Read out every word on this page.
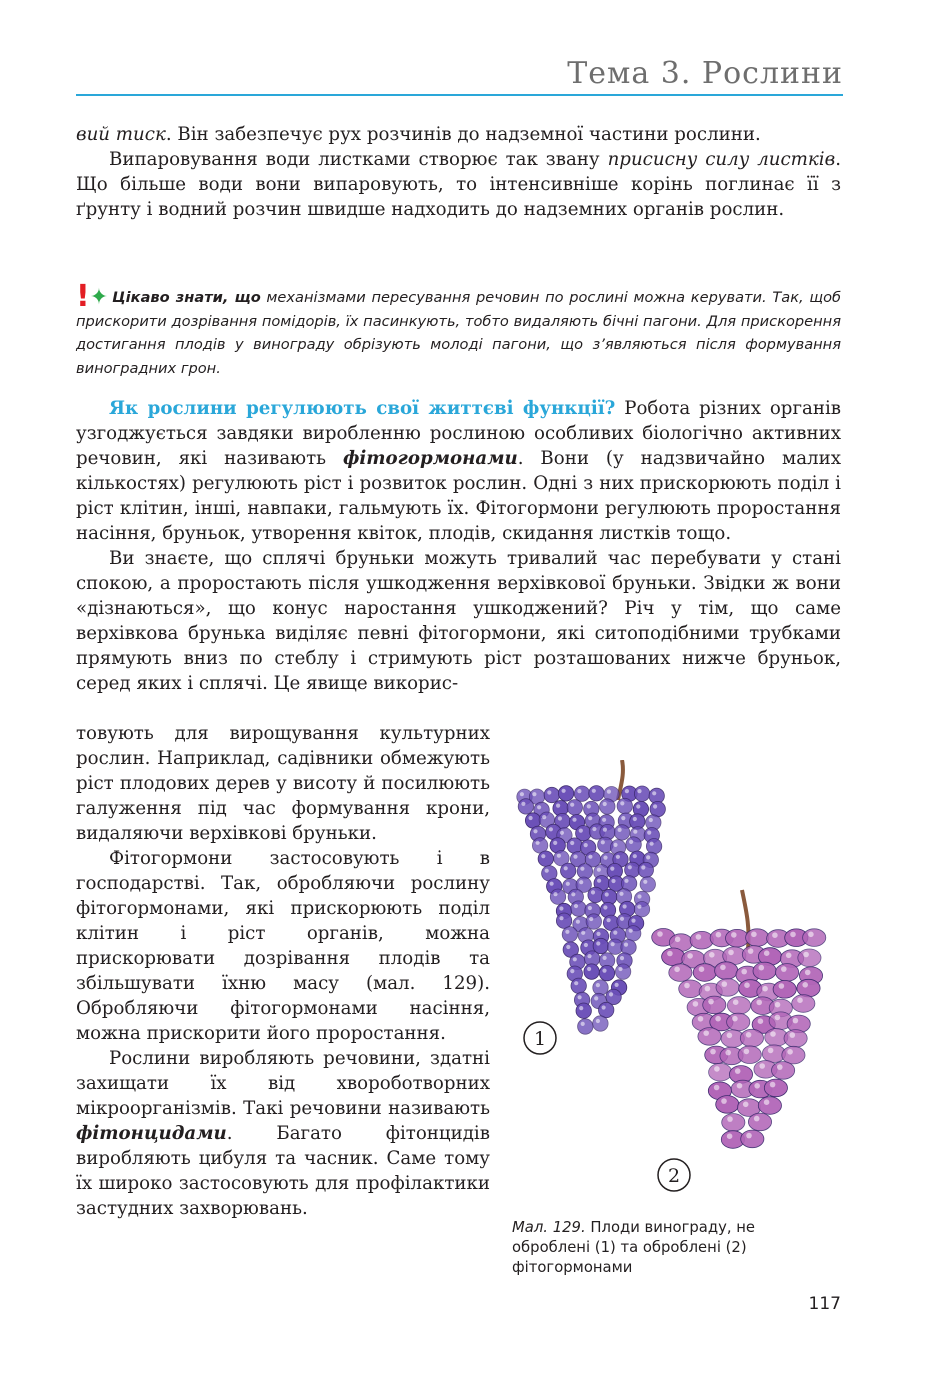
Тема 3. Рослини

вий тиск. Він забезпечує рух розчинів до надземної частини рослини.

Випаровування води листками створює так звану присисну силу листків. Що більше води вони випаровують, то інтенсивніше корінь поглинає її з ґрунту і водний розчин швидше надходить до надземних органів рослин.

!✦ Цікаво знати, що механізмами пересування речовин по рослині можна керувати. Так, щоб прискорити дозрівання помідорів, їх пасинкують, тобто видаляють бічні пагони. Для прискорення достигання плодів у винограду обрізують молоді пагони, що з’являються після формування виноградних грон.

Як рослини регулюють свої життєві функції? Робота різних органів узгоджується завдяки виробленню рослиною особливих біологічно активних речовин, які називають фітогормонами. Вони (у надзвичайно малих кількостях) регулюють ріст і розвиток рослин. Одні з них прискорюють поділ і ріст клітин, інші, навпаки, гальмують їх. Фітогормони регулюють проростання насіння, бруньок, утворення квіток, плодів, скидання листків тощо.

Ви знаєте, що сплячі бруньки можуть тривалий час перебувати у стані спокою, а проростають після ушкодження верхівкової бруньки. Звідки ж вони «дізнаються», що конус наростання ушкоджений? Річ у тім, що саме верхівкова брунька виділяє певні фітогормони, які ситоподібними трубками прямують вниз по стеблу і стримують ріст розташованих нижче бруньок, серед яких і сплячі. Це явище викорис-

товують для вирощування культурних рослин. Наприклад, садівники обмежують ріст плодових дерев у висоту й посилюють галуження під час формування крони, видаляючи верхівкові бруньки.

Фітогормони застосовують і в господарстві. Так, обробляючи рослину фітогормонами, які прискорюють поділ клітин і ріст органів, можна прискорювати дозрівання плодів та збільшувати їхню масу (мал. 129). Обробляючи фітогормонами насіння, можна прискорити його проростання.

Рослини виробляють речовини, здатні захищати їх від хвороботворних мікроорганізмів. Такі речовини називають фітонцидами. Багато фітонцидів виробляють цибуля та часник. Саме тому їх широко застосовують для профілактики застудних захворювань.

1
2
Мал. 129. Плоди винограду, не оброблені (1) та оброблені (2) фітогормонами
117
